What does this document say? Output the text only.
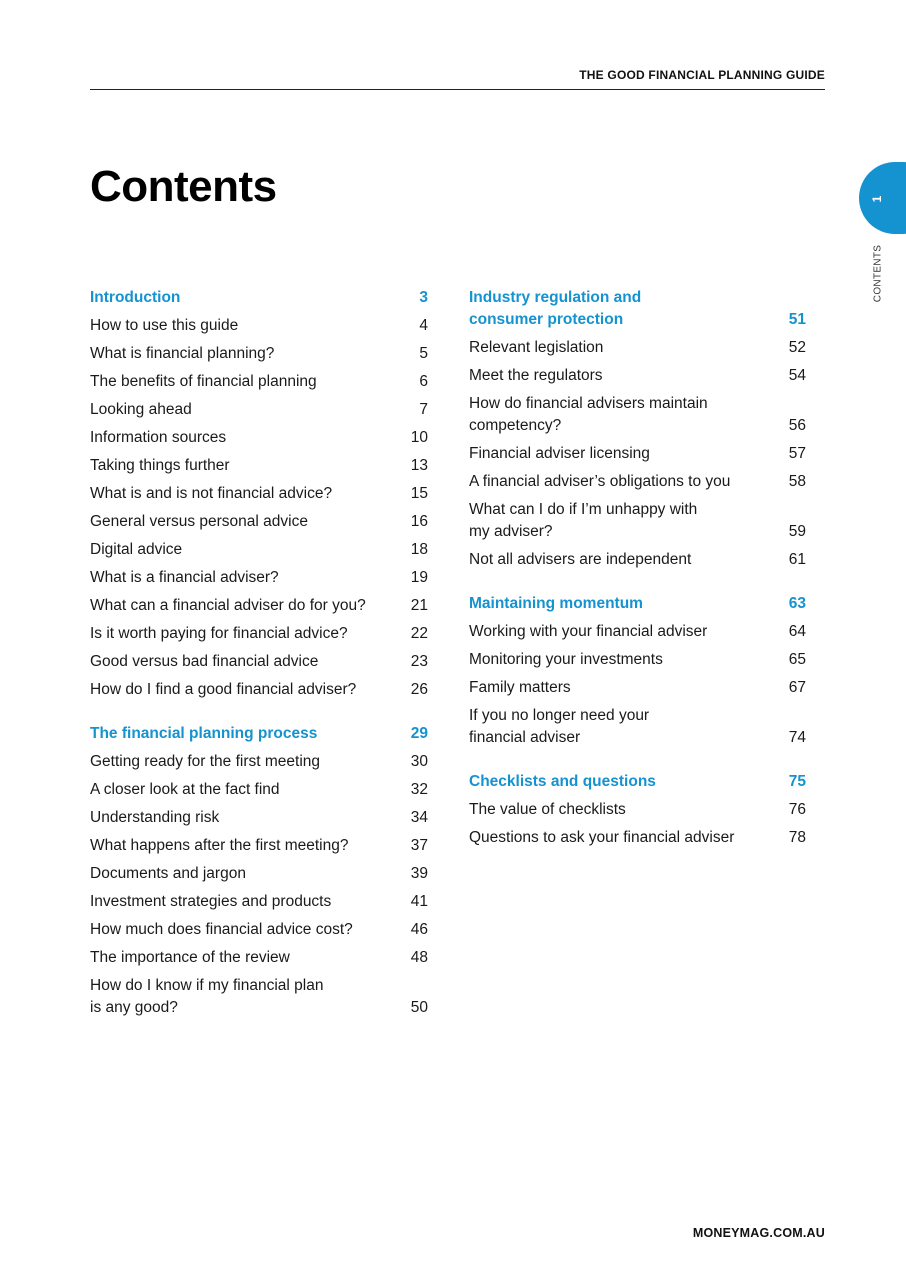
THE GOOD FINANCIAL PLANNING GUIDE
Contents	1
CONTENTS
Introduction	3
How to use this guide	4
What is financial planning?	5
The benefits of financial planning	6
Looking ahead	7
Information sources	10
Taking things further	13
What is and is not financial advice?	15
General versus personal advice	16
Digital advice	18
What is a financial adviser?	19
What can a financial adviser do for you?	21
Is it worth paying for financial advice?	22
Good versus bad financial advice	23
How do I find a good financial adviser?	26
The financial planning process	29
Getting ready for the first meeting	30
A closer look at the fact find	32
Understanding risk	34
What happens after the first meeting?	37
Documents and jargon	39
Investment strategies and products	41
How much does financial advice cost?	46
The importance of the review	48
How do I know if my financial plan
is any good?	50
Industry regulation and
consumer protection	51
Relevant legislation	52
Meet the regulators	54
How do financial advisers maintain
competency?	56
Financial adviser licensing	57
A financial adviser’s obligations to you	58
What can I do if I’m unhappy with
my adviser?	59
Not all advisers are independent	61
Maintaining momentum	63
Working with your financial adviser	64
Monitoring your investments	65
Family matters	67
If you no longer need your
financial adviser	74
Checklists and questions	75
The value of checklists	76
Questions to ask your financial adviser	78
MONEYMAG.COM.AU
